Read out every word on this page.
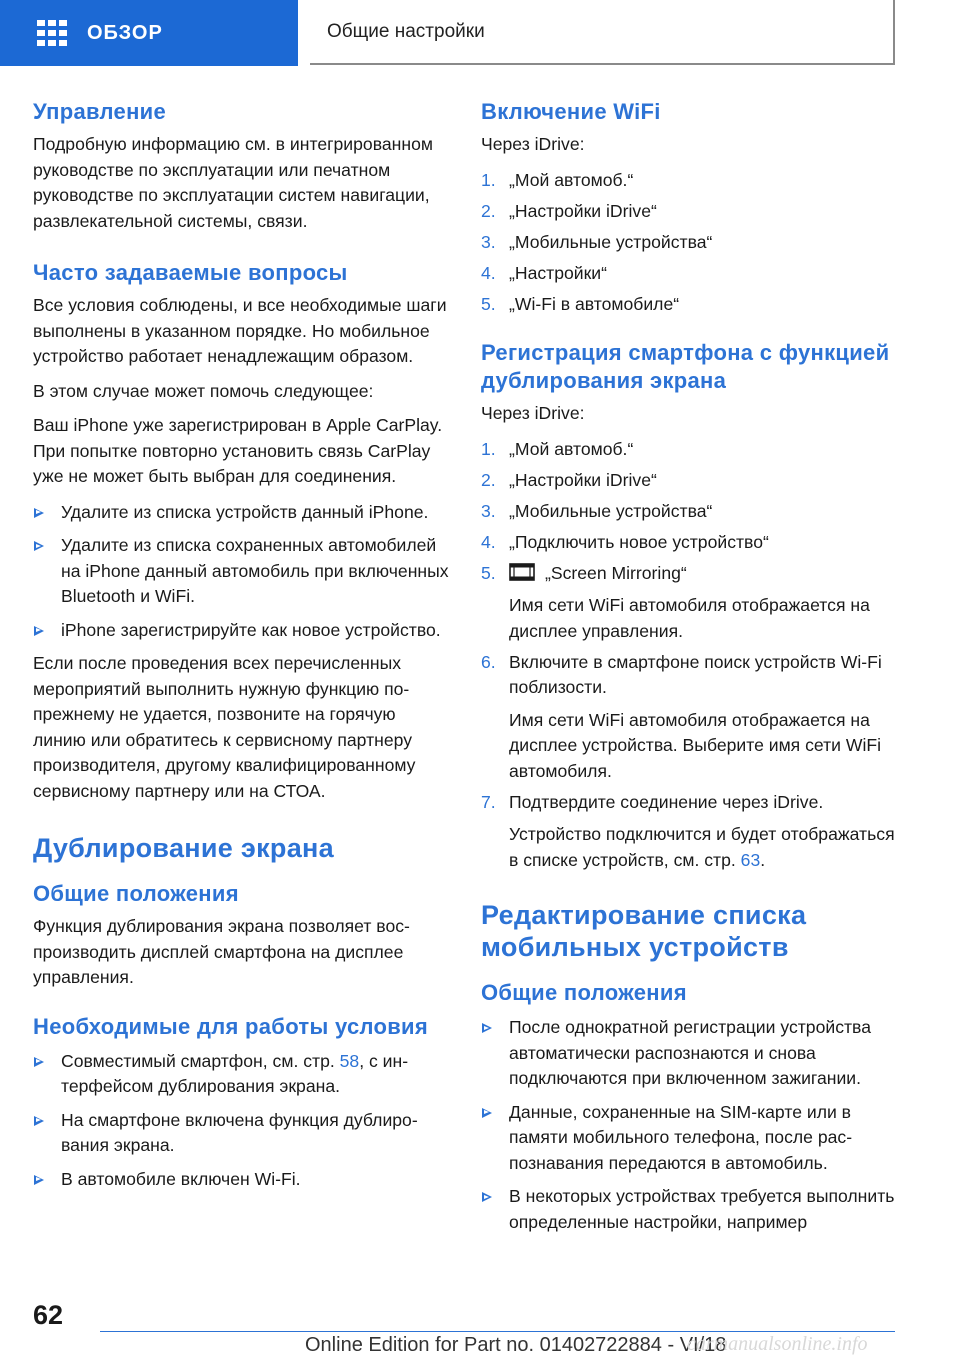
ОБЗОР	Общие настройки
Управление

Подробную информацию см. в интегрированном руководстве по эксплуатации или печатном руководстве по эксплуатации систем навигации, развлекательной системы, связи.

Часто задаваемые вопросы

Все условия соблюдены, и все необходимые шаги выполнены в указанном порядке. Но мобильное устройство работает ненадлежащим образом.

В этом случае может помочь следующее:

Ваш iPhone уже зарегистрирован в Apple CarPlay. При попытке повторно установить связь CarPlay уже не может быть выбран для соединения.

Удалите из списка устройств данный iPhone.
Удалите из списка сохраненных автомобилей на iPhone данный автомобиль при включенных Bluetooth и WiFi.
iPhone зарегистрируйте как новое устройство.

Если после проведения всех перечисленных мероприятий выполнить нужную функцию по-прежнему не удается, позвоните на горячую линию или обратитесь к сервисному партнеру производителя, другому квалифицированному сервисному партнеру или на СТОА.

Дублирование экрана
Общие положения

Функция дублирования экрана позволяет воспроизводить дисплей смартфона на дисплее управления.

Необходимые для работы условия
Совместимый смартфон, см. стр. 58, с интерфейсом дублирования экрана.
На смартфоне включена функция дублирования экрана.
В автомобиле включен Wi-Fi.
Включение WiFi

Через iDrive:

1. „Мой автомоб.“
2. „Настройки iDrive“
3. „Мобильные устройства“
4. „Настройки“
5. „Wi-Fi в автомобиле“
Регистрация смартфона с функцией дублирования экрана

Через iDrive:

1. „Мой автомоб.“
2. „Настройки iDrive“
3. „Мобильные устройства“
4. „Подключить новое устройство“
5.	„Screen Mirroring“
Имя сети WiFi автомобиля отображается на дисплее управления.
6. Включите в смартфоне поиск устройств Wi-Fi поблизости.
Имя сети WiFi автомобиля отображается на дисплее устройства. Выберите имя сети WiFi автомобиля.
7. Подтвердите соединение через iDrive.
Устройство подключится и будет отображаться в списке устройств, см. стр. 63.
Редактирование списка мобильных устройств
Общие положения
После однократной регистрации устройства автоматически распознаются и снова подключаются при включенном зажигании.
Данные, сохраненные на SIM-карте или в памяти мобильного телефона, после распознавания передаются в автомобиль.
В некоторых устройствах требуется выполнить определенные настройки, например
62
Online Edition for Part no. 01402722884 - VI/18
carmanualsonline.info
